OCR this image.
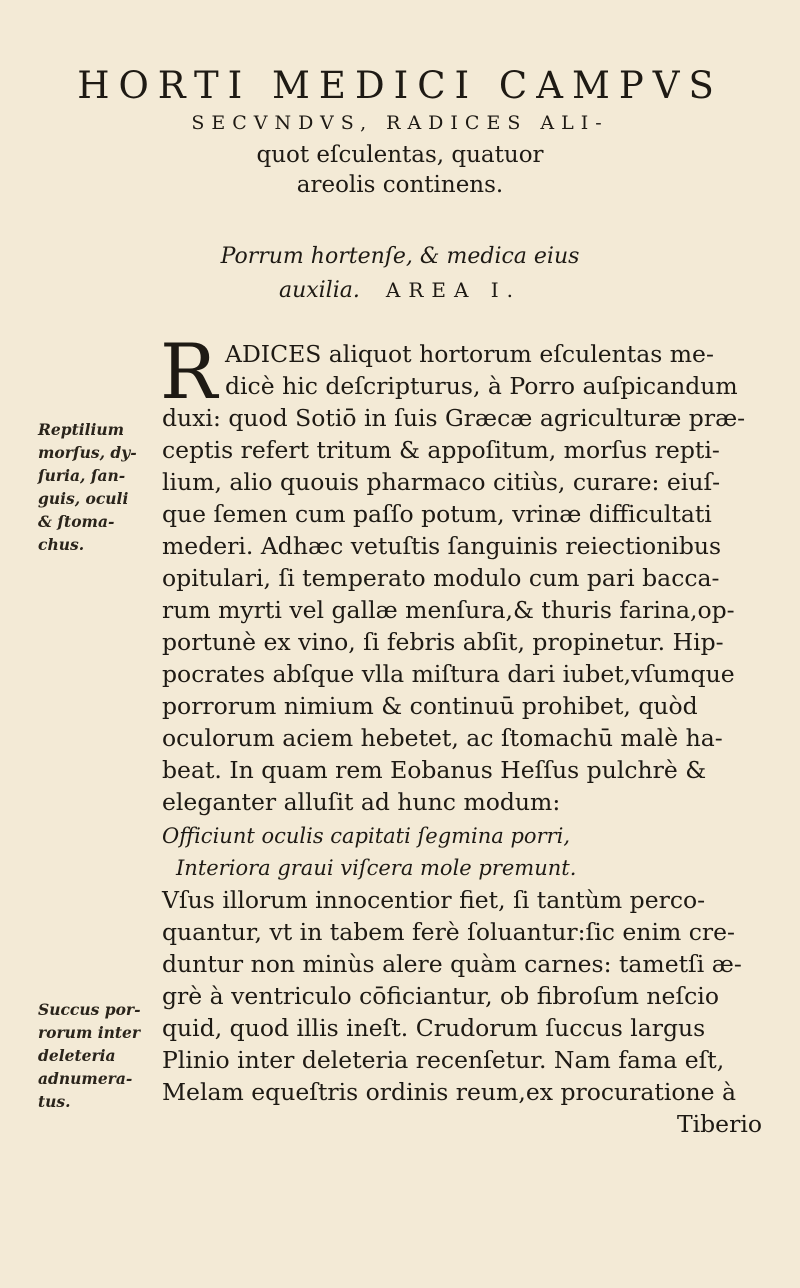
HORTI MEDICI CAMPVS

SECVNDVS, RADICES ALI-

quot eſculentas, quatuor

areolis continens.

Porrum hortenſe, & medica eius

auxilia. AREA I.

R ADICES aliquot hortorum eſculentas me-

dicè hic deſcripturus, à Porro auſpicandum

duxi: quod Sotiō in ſuis Græcæ agriculturæ præ-

ceptis refert tritum & appoſitum, morſus repti-

lium, alio quouis pharmaco citiùs, curare: eiuſ-

que ſemen cum paſſo potum, vrinæ difficultati

mederi. Adhæc vetuſtis ſanguinis reiectionibus

opitulari, ſi temperato modulo cum pari bacca-

rum myrti vel gallæ menſura,& thuris farina,op-

portunè ex vino, ſi febris abſit, propinetur. Hip-

pocrates abſque vlla miſtura dari iubet,vſumque

porrorum nimium & continuū prohibet, quòd

oculorum aciem hebetet, ac ſtomachū malè ha-

beat. In quam rem Eobanus Heſſus pulchrè &

eleganter alluſit ad hunc modum:

Officiunt oculis capitati ſegmina porri,

Interiora graui viſcera mole premunt.

Vſus illorum innocentior fiet, ſi tantùm perco-

quantur, vt in tabem ferè ſoluantur:ſic enim cre-

duntur non minùs alere quàm carnes: tametſi æ-

grè à ventriculo cōficiantur, ob fibroſum neſcio

quid, quod illis ineſt. Crudorum ſuccus largus

Plinio inter deleteria recenſetur. Nam fama eſt,

Melam equeſtris ordinis reum,ex procuratione à

Tiberio

Reptilium

morſus, dy-

ſuria, ſan-

guis, oculi

& ſtoma-

chus.

Succus por-

rorum inter

deleteria

adnumera-

tus.
